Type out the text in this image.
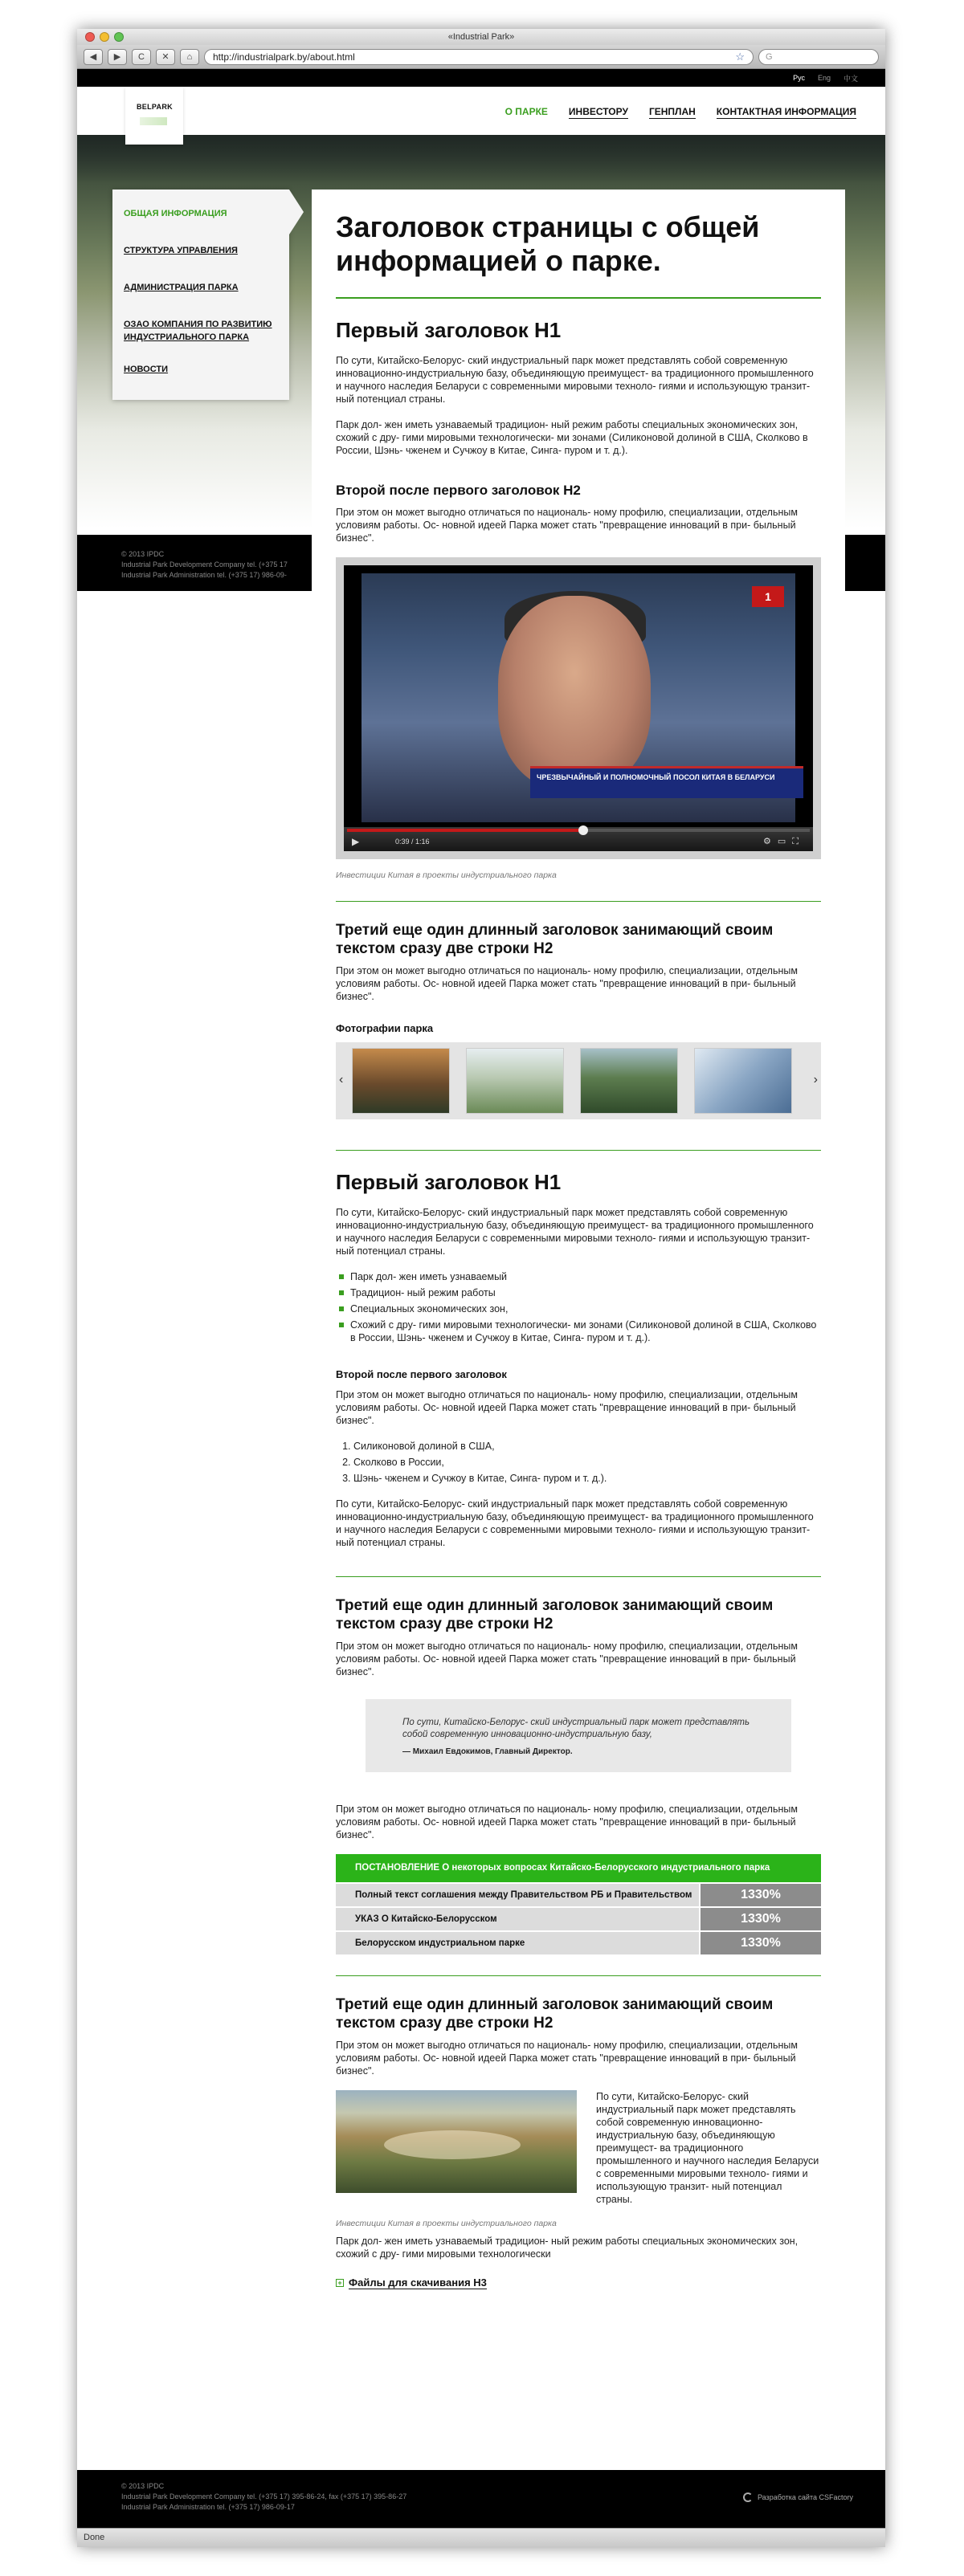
«Industrial Park»
◀	▶	C	✕	⌂	http://industrialpark.by/about.html	☆	G
Рус Eng 中文
BELPARK	О ПАРКЕ ИНВЕСТОРУ ГЕНПЛАН КОНТАКТНАЯ ИНФОРМАЦИЯ
© 2013 IPDC
Industrial Park Development Company tel. (+375 17
Industrial Park Administration tel. (+375 17) 986-09-
ОБЩАЯ ИНФОРМАЦИЯ
СТРУКТУРА УПРАВЛЕНИЯ
АДМИНИСТРАЦИЯ ПАРКА
ОЗАО КОМПАНИЯ ПО РАЗВИТИЮ ИНДУСТРИАЛЬНОГО ПАРКА
НОВОСТИ
Заголовок страницы с общей информацией о парке.
Первый заголовок H1

По сути, Китайско-Белорус- ский индустриальный парк может представлять собой современную инновационно-индустриальную базу, объединяющую преимущест- ва традиционного промышленного и научного наследия Беларуси с современными мировыми техноло- гиями и использующую транзит- ный потенциал страны.

Парк дол- жен иметь узнаваемый традицион- ный режим работы специальных экономических зон, схожий с дру- гими мировыми технологически- ми зонами (Силиконовой долиной в США, Сколково в России, Шэнь- чженем и Сучжоу в Китае, Синга- пуром и т. д.).

Второй после первого заголовок H2

При этом он может выгодно отличаться по националь- ному профилю, специализации, отдельным условиям работы. Ос- новной идеей Парка может стать "превращение инноваций в при- быльный бизнес".

1
ЧРЕЗВЫЧАЙНЫЙ И ПОЛНОМОЧНЫЙ ПОСОЛ КИТАЯ В БЕЛАРУСИ
▶	0:39 / 1:16	⚙▭⛶
Инвестиции Китая в проекты индустриального парка
Третий еще один длинный заголовок занимающий своим текстом сразу две строки H2

При этом он может выгодно отличаться по националь- ному профилю, специализации, отдельным условиям работы. Ос- новной идеей Парка может стать "превращение инноваций в при- быльный бизнес".

Фотографии парка
‹	›
Первый заголовок H1

По сути, Китайско-Белорус- ский индустриальный парк может представлять собой современную инновационно-индустриальную базу, объединяющую преимущест- ва традиционного промышленного и научного наследия Беларуси с современными мировыми техноло- гиями и использующую транзит- ный потенциал страны.

Парк дол- жен иметь узнаваемый
Традицион- ный режим работы
Специальных экономических зон,
Схожий с дру- гими мировыми технологически- ми зонами (Силиконовой долиной в США, Сколково в России, Шэнь- чженем и Сучжоу в Китае, Синга- пуром и т. д.).
Второй после первого заголовок

При этом он может выгодно отличаться по националь- ному профилю, специализации, отдельным условиям работы. Ос- новной идеей Парка может стать "превращение инноваций в при- быльный бизнес".

1. Силиконовой долиной в США,
2. Сколково в России,
3. Шэнь- чженем и Сучжоу в Китае, Синга- пуром и т. д.).

По сути, Китайско-Белорус- ский индустриальный парк может представлять собой современную инновационно-индустриальную базу, объединяющую преимущест- ва традиционного промышленного и научного наследия Беларуси с современными мировыми техноло- гиями и использующую транзит- ный потенциал страны.

Третий еще один длинный заголовок занимающий своим текстом сразу две строки H2

При этом он может выгодно отличаться по националь- ному профилю, специализации, отдельным условиям работы. Ос- новной идеей Парка может стать "превращение инноваций в при- быльный бизнес".

По сути, Китайско-Белорус- ский индустриальный парк может представлять собой современную инновационно-индустриальную базу,
— Михаил Евдокимов, Главный Директор.

При этом он может выгодно отличаться по националь- ному профилю, специализации, отдельным условиям работы. Ос- новной идеей Парка может стать "превращение инноваций в при- быльный бизнес".

ПОСТАНОВЛЕНИЕ О некоторых вопросах Китайско-Белорусского индустриального парка
Полный текст соглашения между Правительством РБ и Правительством	1330%
УКАЗ О Китайско-Белорусском	1330%
Белорусском индустриальном парке	1330%
Третий еще один длинный заголовок занимающий своим текстом сразу две строки H2

При этом он может выгодно отличаться по националь- ному профилю, специализации, отдельным условиям работы. Ос- новной идеей Парка может стать "превращение инноваций в при- быльный бизнес".

По сути, Китайско-Белорус- ский индустриальный парк может представлять собой современную инновационно-индустриальную базу, объединяющую преимущест- ва традиционного промышленного и научного наследия Беларуси с современными мировыми техноло- гиями и использующую транзит- ный потенциал страны.

Инвестиции Китая в проекты индустриального парка

Парк дол- жен иметь узнаваемый традицион- ный режим работы специальных экономических зон, схожий с дру- гими мировыми технологически

+ Файлы для скачивания H3
© 2013 IPDC
Industrial Park Development Company tel. (+375 17) 395-86-24, fax (+375 17) 395-86-27
Industrial Park Administration tel. (+375 17) 986-09-17
Разработка сайта CSFactory
Done
